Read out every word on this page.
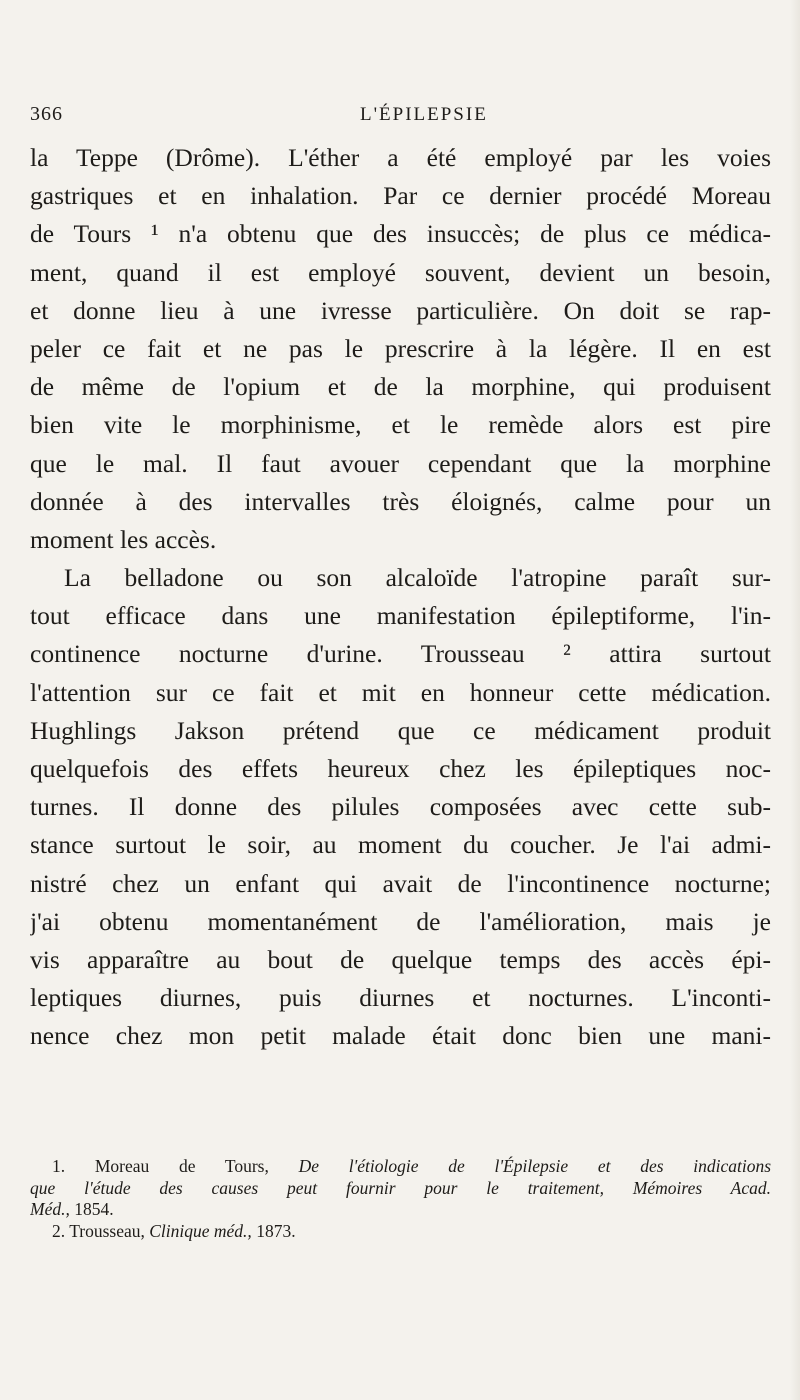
366	L'ÉPILEPSIE
la Teppe (Drôme). L'éther a été employé par les voies
gastriques et en inhalation. Par ce dernier procédé Moreau
de Tours ¹ n'a obtenu que des insuccès; de plus ce médica-
ment, quand il est employé souvent, devient un besoin,
et donne lieu à une ivresse particulière. On doit se rap-
peler ce fait et ne pas le prescrire à la légère. Il en est
de même de l'opium et de la morphine, qui produisent
bien vite le morphinisme, et le remède alors est pire
que le mal. Il faut avouer cependant que la morphine
donnée à des intervalles très éloignés, calme pour un
moment les accès.
La belladone ou son alcaloïde l'atropine paraît sur-
tout efficace dans une manifestation épileptiforme, l'in-
continence nocturne d'urine. Trousseau ² attira surtout
l'attention sur ce fait et mit en honneur cette médication.
Hughlings Jakson prétend que ce médicament produit
quelquefois des effets heureux chez les épileptiques noc-
turnes. Il donne des pilules composées avec cette sub-
stance surtout le soir, au moment du coucher. Je l'ai admi-
nistré chez un enfant qui avait de l'incontinence nocturne;
j'ai obtenu momentanément de l'amélioration, mais je
vis apparaître au bout de quelque temps des accès épi-
leptiques diurnes, puis diurnes et nocturnes. L'inconti-
nence chez mon petit malade était donc bien une mani-
1. Moreau de Tours, De l'étiologie de l'Épilepsie et des indications
que l'étude des causes peut fournir pour le traitement, Mémoires Acad.
Méd., 1854.
2. Trousseau, Clinique méd., 1873.
